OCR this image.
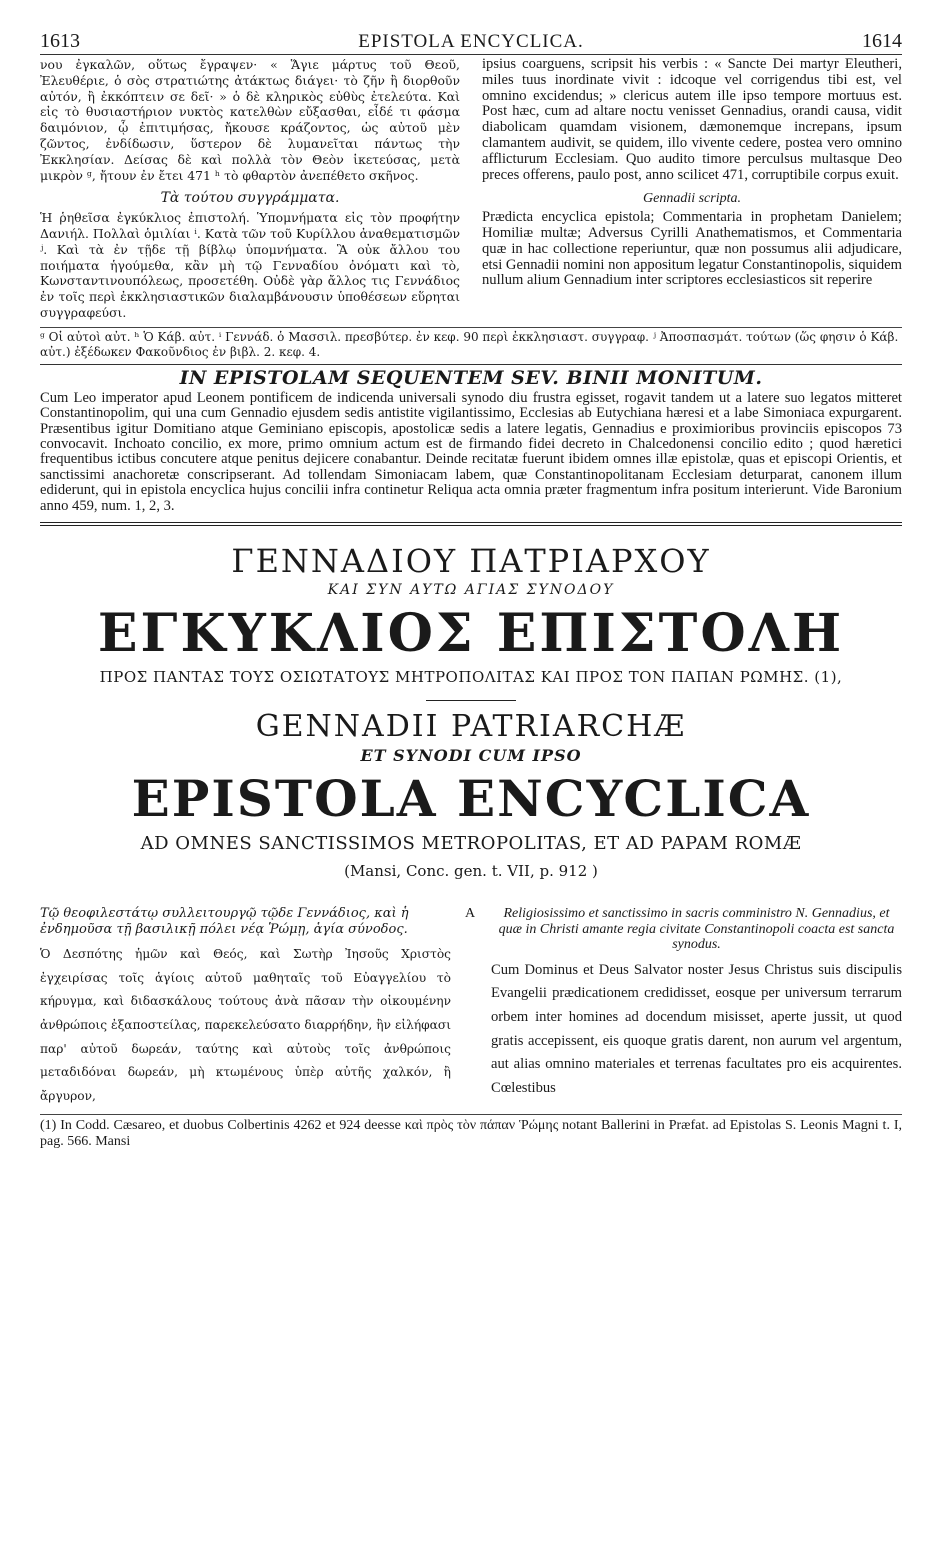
1613	EPISTOLA ENCYCLICA.	1614

νου ἐγκαλῶν, οὕτως ἔγραψεν· « Ἅγιε μάρτυς τοῦ Θεοῦ, Ἐλευθέριε, ὁ σὸς στρατιώτης ἀτάκτως διάγει· τὸ ζῆν ἢ διορθοῦν αὐτόν, ἢ ἐκκόπτειν σε δεῖ· » ὁ δὲ κληρικὸς εὐθὺς ἐτελεύτα. Καὶ εἰς τὸ θυσιαστήριον νυκτὸς κατελθὼν εὔξασθαι, εἶδέ τι φάσμα δαιμόνιον, ᾧ ἐπιτιμήσας, ἤκουσε κράζοντος, ὡς αὐτοῦ μὲν ζῶντος, ἐνδίδωσιν, ὕστερον δὲ λυμανεῖται πάντως τὴν Ἐκκλησίαν. Δείσας δὲ καὶ πολλὰ τὸν Θεὸν ἱκετεύσας, μετὰ μικρὸν ᵍ, ἤτουν ἐν ἔτει 471 ʰ τὸ φθαρτὸν ἀνεπέθετο σκῆνος.

Τὰ τούτου συγγράμματα.

Ἡ ῥηθεῖσα ἐγκύκλιος ἐπιστολή. Ὑπομνήματα εἰς τὸν προφήτην Δανιήλ. Πολλαὶ ὁμιλίαι ⁱ. Κατὰ τῶν τοῦ Κυρίλλου ἀναθεματισμῶν ʲ. Καὶ τὰ ἐν τῇδε τῇ βίβλῳ ὑπομνήματα. Ἃ οὐκ ἄλλου του ποιήματα ἡγούμεθα, κἂν μὴ τῷ Γενναδίου ὀνόματι καὶ τὸ, Κωνσταντινουπόλεως, προσετέθη. Οὐδὲ γὰρ ἄλλος τις Γεννάδιος ἐν τοῖς περὶ ἐκκλησιαστικῶν διαλαμβάνουσιν ὑποθέσεων εὕρηται συγγραφεύσι.

ipsius coarguens, scripsit his verbis : « Sancte Dei martyr Eleutheri, miles tuus inordinate vivit : idcoque vel corrigendus tibi est, vel omnino excidendus; » clericus autem ille ipso tempore mortuus est. Post hæc, cum ad altare noctu venisset Gennadius, orandi causa, vidit diabolicam quamdam visionem, dæmonemque increpans, ipsum clamantem audivit, se quidem, illo vivente cedere, postea vero omnino afflicturum Ecclesiam. Quo audito timore perculsus multasque Deo preces offerens, paulo post, anno scilicet 471, corruptibile corpus exuit.

Gennadii scripta.

Prædicta encyclica epistola; Commentaria in prophetam Danielem; Homiliæ multæ; Adversus Cyrilli Anathematismos, et Commentaria quæ in hac collectione reperiuntur, quæ non possumus alii adjudicare, etsi Gennadii nomini non appositum legatur Constantinopolis, siquidem nullum alium Gennadium inter scriptores ecclesiasticos sit reperire

ᵍ Οἱ αὐτοὶ αὐτ. ʰ Ὁ Κάβ. αὐτ. ⁱ Γεννάδ. ὁ Μασσιλ. πρεσβύτερ. ἐν κεφ. 90 περὶ ἐκκλησιαστ. συγγραφ. ʲ Ἀποσπασμάτ. τούτων (ὥς φησιν ὁ Κάβ. αὐτ.) ἐξέδωκεν Φακοῦνδιος ἐν βιβλ. 2. κεφ. 4.
IN EPISTOLAM SEQUENTEM SEV. BINII MONITUM.
Cum Leo imperator apud Leonem pontificem de indicenda universali synodo diu frustra egisset, rogavit tandem ut a latere suo legatos mitteret Constantinopolim, qui una cum Gennadio ejusdem sedis antistite vigilantissimo, Ecclesias ab Eutychiana hæresi et a labe Simoniaca expurgarent. Præsentibus igitur Domitiano atque Geminiano episcopis, apostolicæ sedis a latere legatis, Gennadius e proximioribus provinciis episcopos 73 convocavit. Inchoato concilio, ex more, primo omnium actum est de firmando fidei decreto in Chalcedonensi concilio edito ; quod hæretici frequentibus ictibus concutere atque penitus dejicere conabantur. Deinde recitatæ fuerunt ibidem omnes illæ epistolæ, quas et episcopi Orientis, et sanctissimi anachoretæ conscripserant. Ad tollendam Simoniacam labem, quæ Constantinopolitanam Ecclesiam deturparat, canonem illum ediderunt, qui in epistola encyclica hujus concilii infra continetur Reliqua acta omnia præter fragmentum infra positum interierunt. Vide Baronium anno 459, num. 1, 2, 3.
ΓΕΝΝΑΔΙΟΥ ΠΑΤΡΙΑΡΧΟΥ
ΚΑΙ ΣΥΝ ΑΥΤΩ ΑΓΙΑΣ ΣΥΝΟΔΟΥ
ΕΓΚΥΚΛΙΟΣ ΕΠΙΣΤΟΛΗ
ΠΡΟΣ ΠΑΝΤΑΣ ΤΟΥΣ ΟΣΙΩΤΑΤΟΥΣ ΜΗΤΡΟΠΟΛΙΤΑΣ ΚΑΙ ΠΡΟΣ ΤΟΝ ΠΑΠΑΝ ΡΩΜΗΣ. (1),
GENNADII PATRIARCHÆ
ET SYNODI CUM IPSO
EPISTOLA ENCYCLICA
AD OMNES SANCTISSIMOS METROPOLITAS, ET AD PAPAM ROMÆ
(Mansi, Conc. gen. t. VII, p. 912 )
Τῷ θεοφιλεστάτῳ συλλειτουργῷ τῷδε Γεννάδιος, καὶ ἡ ἐνδημοῦσα τῇ βασιλικῇ πόλει νέᾳ Ῥώμῃ, ἁγία σύνοδος.
Ὁ Δεσπότης ἡμῶν καὶ Θεός, καὶ Σωτὴρ Ἰησοῦς Χριστὸς ἐγχειρίσας τοῖς ἁγίοις αὐτοῦ μαθηταῖς τοῦ Εὐαγγελίου τὸ κήρυγμα, καὶ διδασκάλους τούτους ἀνὰ πᾶσαν τὴν οἰκουμένην ἀνθρώποις ἐξαποστείλας, παρεκελεύσατο διαρρήδην, ἣν εἰλήφασι παρ' αὐτοῦ δωρεάν, ταύτης καὶ αὐτοὺς τοῖς ἀνθρώποις μεταδιδόναι δωρεάν, μὴ κτωμένους ὑπὲρ αὐτῆς χαλκόν, ἢ ἄργυρον,
A	Religiosissimo et sanctissimo in sacris comministro N. Gennadius, et quæ in Christi amante regia civitate Constantinopoli coacta est sancta synodus.
Cum Dominus et Deus Salvator noster Jesus Christus suis discipulis Evangelii prædicationem credidisset, eosque per universum terrarum orbem inter homines ad docendum misisset, aperte jussit, ut quod gratis accepissent, eis quoque gratis darent, non aurum vel argentum, aut alias omnino materiales et terrenas facultates pro eis acquirentes. Cœlestibus
(1) In Codd. Cæsareo, et duobus Colbertinis 4262 et 924 deesse καὶ πρὸς τὸν πάπαν Ῥώμης notant Ballerini in Præfat. ad Epistolas S. Leonis Magni t. I, pag. 566. Mansi
